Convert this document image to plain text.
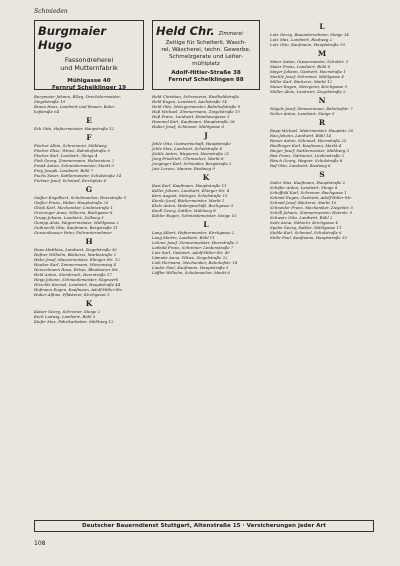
Schmieden
Burgmaier Hugo
Fassondreherei
und Mutternfabrik
Mühlgasse 40
Fernruf Schelklinger 19
Burgmaier Johann, BDeg, Drechslermeister,
Ziegelstraße 19
Braun Hans, Landwirt und Brauer, Bahn-
hofstraße 64
E
Eck Otto, Hafnermeister, Haupstraße 12
F
Fischer Albin, Schreinerei, Mühlweg
Fischer Elise, Witwe, Bahnhofstraße 9
Fischer Karl, Landwirt, Steige 4
Fink Georg, Zimmermann, Hohenstein 2
Frank Anton, Schneidermeister, Markt 3
Frey Joseph, Landwirt, Bühl 7
Fuchs Xaver, Sattlermeister, Schulstraße 14
Furtner Josef, Schmied, Kirchplatz 6
G
Gaißer Engelbert, Schuhmacher, Heerstraße 5
Gaißer Franz, Weber, Hauptstraße 20
Glück Karl, Mechaniker, Lindenstraße 1
Gretzinger Anna, Näherin, Bachgasse 8
Grupp Johann, Landwirt, Zollweg 3
Gumpp Alois, Wagnermeister, Mühlgasse 2
Gutknecht Otto, Kaufmann, Bergstraße 11
Gunzenhauser Peter, Fuhrunternehmer
H
Haas Matthias, Landwirt, Ziegelstraße 30
Hafner Wilhelm, Bäckerei, Marktstraße 2
Hahn Josef, Maurermeister, Ehinger Str. 12
Hauber Karl, Zimmermann, Wiesenweg 4
Heinzelmann Rosa, Witwe, Blaubeurer Str.
Held Anton, Steinbruch, Heerstraße 17
Hepp Johann, Schmiedemeister, Sägewerk
Hirschle Konrad, Landwirt, Hauptstraße 44
Hofmann Eugen, Kaufmann, Adolf-Hitler-Str.
Huber Alfons, Pflästerer, Kirchgasse 5
K
Kaiser Georg, Schreiner, Steige 2
Keck Ludwig, Landwirt, Bühl 3
Kiefer Max, Fabrikarbeiter, Mühlweg 12
Held Chr. Zimmerei
Zeitige für Scheiterli, Wasch-
rel, Wäscherei, techn. Gewerbe,
Schmelzgerate und Leiter-
mühlplatz
Adolf-Hitler-Straße 38
Fernruf Schelklingen 88
Held Christian, Schreinerei, Riedhaldstraße
Held Eugen, Landwirt, Aachstraße 14
Held Otto, Metzgermeister, Bahnhofstraße 9
Heß Michael, Zimmermann, Ziegelstraße 15
Heß Franz, Landwirt, Brauhausgasse 3
Hummel Karl, Kaufmann, Hauptstraße 28
Huber Josef, Schlosser, Mühlgasse 6
J
Jehle Otto, Gastwirtschaft, Hauptstraße
Jehle Max, Landwirt, Schulstraße 4
Jäckle Anton, Wagnerei, Heerstraße 21
Jung Friedrich, Uhrmacher, Markt 8
Junginger Karl, Schneider, Bergstraße 2
Jutz Lorenz, Maurer, Riedweg 9
K
Kast Karl, Kaufmann, Hauptstraße 11
Keller Johann, Landwirt, Ehinger Str. 4
Kern August, Metzger, Schulstraße 13
Kienle Josef, Bäckermeister, Markt 1
Klotz Anton, Malergeschäft, Bachgasse 5
Knoll Georg, Sattler, Mühlweg 8
Kohler Eugen, Schmiedemeister, Steige 10
L
Lang Albert, Hafnermeister, Kirchgasse 2
Lang Martin, Landwirt, Bühl 11
Lehner Josef, Zimmermeister, Heerstraße 3
Leibold Franz, Schreiner, Lindenstraße 7
Lutz Karl, Gastwirt, Adolf-Hitler-Str. 40
Lämmle Anna, Witwe, Ziegelstraße 22
Lieb Hermann, Mechaniker, Bahnhofstr. 18
Linder Paul, Kaufmann, Hauptstraße 5
Löffler Wilhelm, Schuhmacher, Markt 6
L
Lutz Georg, Bauunternehmer, Steige 14
Lutz Max, Landwirt, Riedweg 2
Lutz Otto, Kaufmann, Hauptstraße 19
M
Maier Anton, Gipsermeister, Schulstr. 3
Maier Franz, Landwirt, Bühl 6
Mayer Johann, Gastwirt, Heerstraße 1
Merkle Josef, Schreiner, Mühlgasse 4
Miller Karl, Bäckerei, Markt 12
Moser Eugen, Metzgerei, Kirchgasse 9
Müller Alois, Landwirt, Ziegelstraße 2
N
Nägele Josef, Zimmermann, Bahnhofstr. 7
Neher Anton, Landwirt, Steige 5
R
Rapp Michael, Malermeister, Hauptstr. 30
Rau Johann, Landwirt, Bühl 14
Reiser Anton, Schmied, Heerstraße 25
Riedlinger Karl, Kaufmann, Markt 4
Rieger Josef, Sattlermeister, Mühlweg 3
Rist Franz, Gärtnerei, Lindenstraße 2
Rösch Georg, Wagner, Schulstraße 8
Ruf Otto, Landwirt, Riedweg 6
S
Sailer Max, Kaufmann, Hauptstraße 2
Schäfer Anton, Landwirt, Steige 8
Scheffold Karl, Schreiner, Bachgasse 1
Schmid Eugen, Gastwirt, Adolf-Hitler-Str.
Schmid Josef, Bäckerei, Markt 10
Schneider Franz, Mechaniker, Ziegelstr. 5
Schöll Johann, Zimmermeister, Heerstr. 9
Schwarz Otto, Landwirt, Bühl 2
Seitz Anna, Näherin, Kirchgasse 4
Spohn Georg, Sattler, Mühlgasse 11
Stehle Karl, Schmied, Schulstraße 6
Stöhr Paul, Kaufmann, Hauptstraße 33
Deutscher Bauerndienst Stuttgart, Altenstraße 15 · Versicherungen jeder Art
108
